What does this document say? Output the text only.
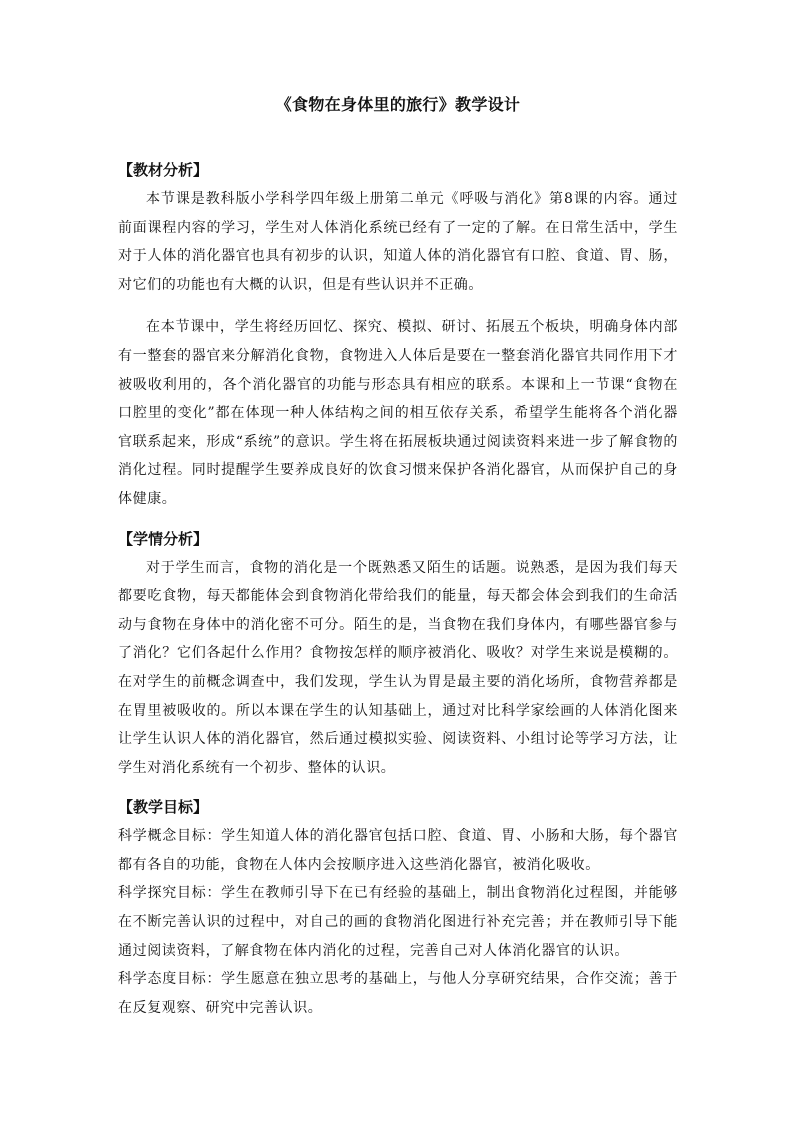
《食物在身体里的旅行》教学设计
【教材分析】

本节课是教科版小学科学四年级上册第二单元《呼吸与消化》第8课的内容。通过前面课程内容的学习，学生对人体消化系统已经有了一定的了解。在日常生活中，学生对于人体的消化器官也具有初步的认识，知道人体的消化器官有口腔、食道、胃、肠，对它们的功能也有大概的认识，但是有些认识并不正确。

在本节课中，学生将经历回忆、探究、模拟、研讨、拓展五个板块，明确身体内部有一整套的器官来分解消化食物，食物进入人体后是要在一整套消化器官共同作用下才被吸收利用的，各个消化器官的功能与形态具有相应的联系。本课和上一节课“食物在口腔里的变化”都在体现一种人体结构之间的相互依存关系，希望学生能将各个消化器官联系起来，形成“系统”的意识。学生将在拓展板块通过阅读资料来进一步了解食物的消化过程。同时提醒学生要养成良好的饮食习惯来保护各消化器官，从而保护自己的身体健康。

【学情分析】

对于学生而言，食物的消化是一个既熟悉又陌生的话题。说熟悉，是因为我们每天都要吃食物，每天都能体会到食物消化带给我们的能量，每天都会体会到我们的生命活动与食物在身体中的消化密不可分。陌生的是，当食物在我们身体内，有哪些器官参与了消化？它们各起什么作用？食物按怎样的顺序被消化、吸收？对学生来说是模糊的。在对学生的前概念调查中，我们发现，学生认为胃是最主要的消化场所，食物营养都是在胃里被吸收的。所以本课在学生的认知基础上，通过对比科学家绘画的人体消化图来让学生认识人体的消化器官，然后通过模拟实验、阅读资料、小组讨论等学习方法，让学生对消化系统有一个初步、整体的认识。

【教学目标】

科学概念目标：学生知道人体的消化器官包括口腔、食道、胃、小肠和大肠，每个器官都有各自的功能，食物在人体内会按顺序进入这些消化器官，被消化吸收。

科学探究目标：学生在教师引导下在已有经验的基础上，制出食物消化过程图，并能够在不断完善认识的过程中，对自己的画的食物消化图进行补充完善；并在教师引导下能通过阅读资料，了解食物在体内消化的过程，完善自己对人体消化器官的认识。

科学态度目标：学生愿意在独立思考的基础上，与他人分享研究结果，合作交流；善于在反复观察、研究中完善认识。
